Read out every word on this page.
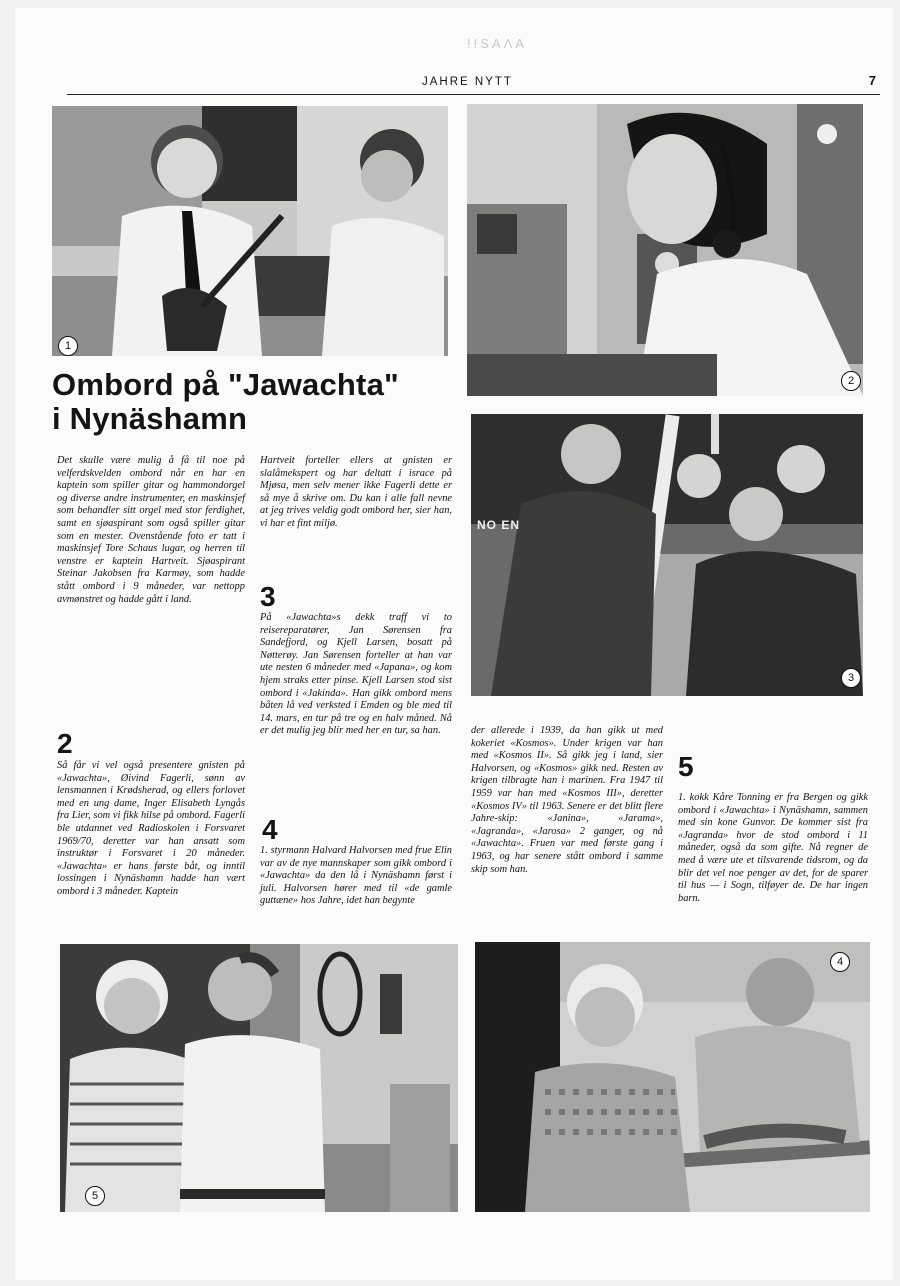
!!SAΛA
JAHRE NYTT	7
1
2
NO EN
3
5
4
Ombord på "Jawachta"
i Nynäshamn
Det skulle være mulig å få til noe på velferdskvelden ombord når en har en kaptein som spiller gitar og hammondorgel og diverse andre instrumenter, en maskinsjef som behandler sitt orgel med stor ferdighet, samt en sjøaspirant som også spiller gitar som en mester. Ovenstående foto er tatt i maskinsjef Tore Schaus lugar, og herren til venstre er kaptein Hartveit. Sjøaspirant Steinar Jakobsen fra Karmøy, som hadde stått ombord i 9 måneder, var nettopp avmønstret og hadde gått i land.
Hartveit forteller ellers at gnisten er slalåmekspert og har deltatt i israce på Mjøsa, men selv mener ikke Fagerli dette er så mye å skrive om. Du kan i alle fall nevne at jeg trives veldig godt ombord her, sier han, vi har et fint miljø.
3
På «Jawachta»s dekk traff vi to reisereparatører, Jan Sørensen fra Sandefjord, og Kjell Larsen, bosatt på Nøtterøy. Jan Sørensen forteller at han var ute nesten 6 måneder med «Japana», og kom hjem straks etter pinse. Kjell Larsen stod sist ombord i «Jakinda». Han gikk ombord mens båten lå ved verksted i Emden og ble med til 14. mars, en tur på tre og en halv måned. Nå er det mulig jeg blir med her en tur, sa han.
2
Så får vi vel også presentere gnisten på «Jawachta», Øivind Fagerli, sønn av lensmannen i Krødsherad, og ellers forlovet med en ung dame, Inger Elisabeth Lyngås fra Lier, som vi fikk hilse på ombord. Fagerli ble utdannet ved Radioskolen i Forsvaret 1969/70, deretter var han ansatt som instruktør i Forsvaret i 20 måneder. «Jawachta» er hans første båt, og inntil lossingen i Nynäshamn hadde han vært ombord i 3 måneder. Kaptein
4
1. styrmann Halvard Halvorsen med frue Elin var av de nye mannskaper som gikk ombord i «Jawachta» da den lå i Nynäshamn først i juli. Halvorsen hører med til «de gamle guttæne» hos Jahre, idet han begynte
der allerede i 1939, da han gikk ut med kokeriet «Kosmos». Under krigen var han med «Kosmos II». Så gikk jeg i land, sier Halvorsen, og «Kosmos» gikk ned. Resten av krigen tilbragte han i marinen. Fra 1947 til 1959 var han med «Kosmos III», deretter «Kosmos IV» til 1963. Senere er det blitt flere Jahre-skip: «Janina», «Jarama», «Jagranda», «Jarosa» 2 ganger, og nå «Jawachta». Fruen var med første gang i 1963, og har senere stått ombord i samme skip som han.
5
1. kokk Kåre Tonning er fra Bergen og gikk ombord i «Jawachta» i Nynäshamn, sammen med sin kone Gunvor. De kommer sist fra «Jagranda» hvor de stod ombord i 11 måneder, også da som gifte. Nå regner de med å være ute et tilsvarende tidsrom, og da blir det vel noe penger av det, for de sparer til hus — i Sogn, tilføyer de. De har ingen barn.
